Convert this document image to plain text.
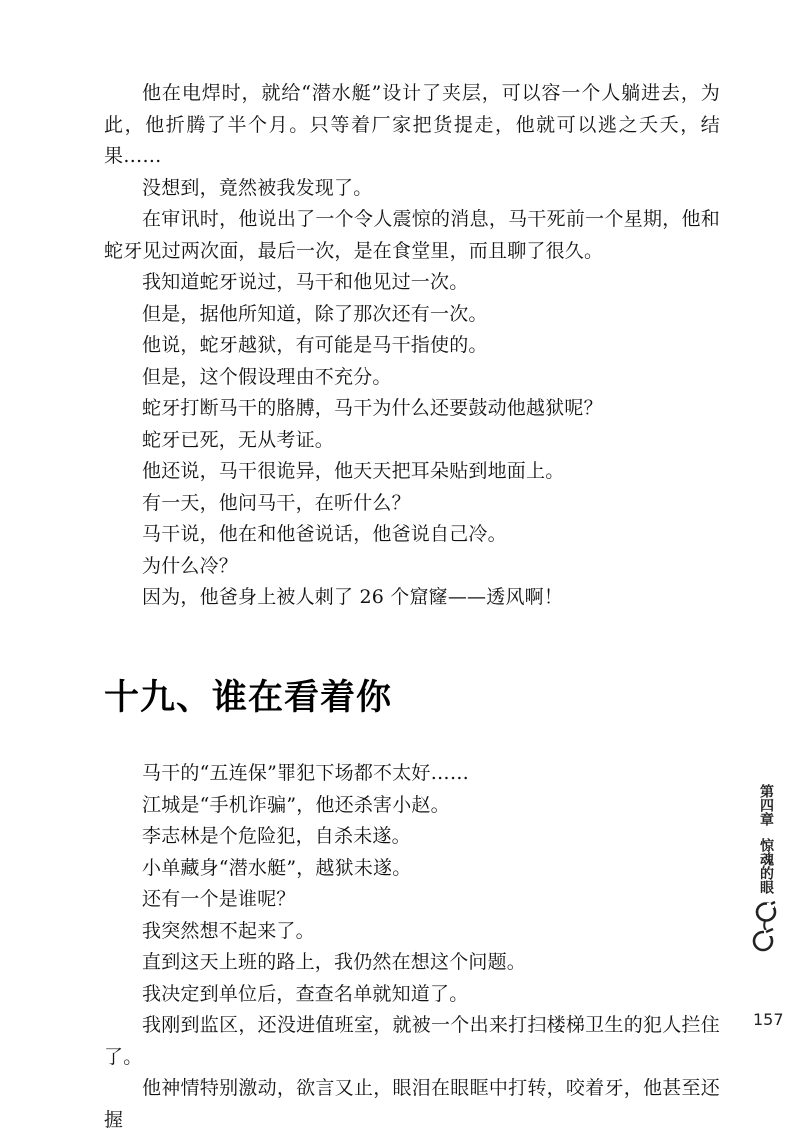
他在电焊时，就给“潜水艇”设计了夹层，可以容一个人躺进去，为此，他折腾了半个月。只等着厂家把货提走，他就可以逃之夭夭，结果……

没想到，竟然被我发现了。

在审讯时，他说出了一个令人震惊的消息，马干死前一个星期，他和蛇牙见过两次面，最后一次，是在食堂里，而且聊了很久。

我知道蛇牙说过，马干和他见过一次。

但是，据他所知道，除了那次还有一次。

他说，蛇牙越狱，有可能是马干指使的。

但是，这个假设理由不充分。

蛇牙打断马干的胳膊，马干为什么还要鼓动他越狱呢？

蛇牙已死，无从考证。

他还说，马干很诡异，他天天把耳朵贴到地面上。

有一天，他问马干，在听什么？

马干说，他在和他爸说话，他爸说自己冷。

为什么冷？

因为，他爸身上被人刺了 26 个窟窿——透风啊！

十九、谁在看着你

马干的“五连保”罪犯下场都不太好……

江城是“手机诈骗”，他还杀害小赵。

李志林是个危险犯，自杀未遂。

小单藏身“潜水艇”，越狱未遂。

还有一个是谁呢？

我突然想不起来了。

直到这天上班的路上，我仍然在想这个问题。

我决定到单位后，查查名单就知道了。

我刚到监区，还没进值班室，就被一个出来打扫楼梯卫生的犯人拦住了。

他神情特别激动，欲言又止，眼泪在眼眶中打转，咬着牙，他甚至还握

第四章
惊魂的眼
157
